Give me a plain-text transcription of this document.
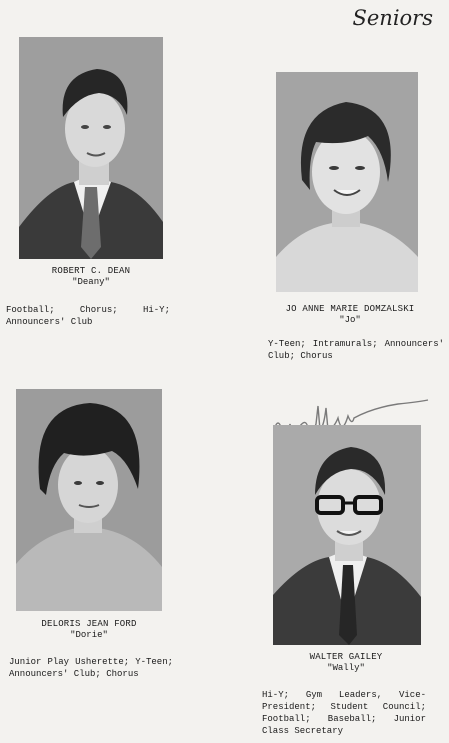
Seniors
ROBERT C. DEAN
"Deany"
Football; Chorus; Hi-Y; Announcers' Club
JO ANNE MARIE DOMZALSKI
"Jo"
Y-Teen; Intramurals; Announcers' Club; Chorus
DELORIS JEAN FORD
"Dorie"
Junior Play Usherette; Y-Teen; Announcers' Club; Chorus
WALTER GAILEY
"Wally"
Hi-Y; Gym Leaders, Vice-President; Student Council; Football; Baseball; Junior Class Secretary
